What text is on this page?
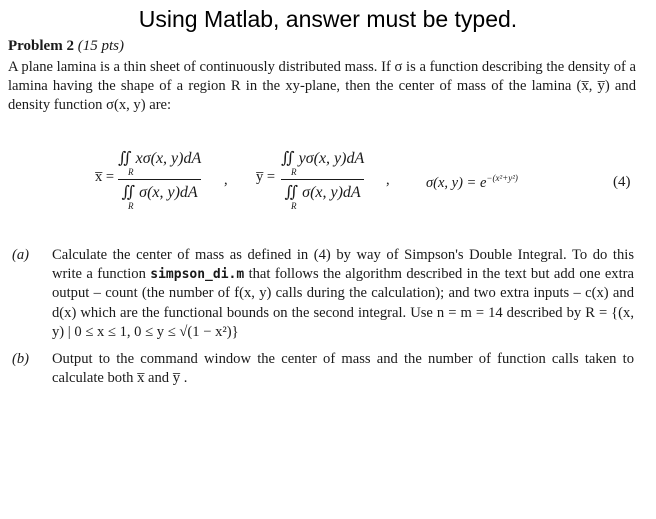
Using Matlab, answer must be typed.
Problem 2 (15 pts)
A plane lamina is a thin sheet of continuously distributed mass. If σ is a function describing the density of a lamina having the shape of a region R in the xy-plane, then the center of mass of the lamina (x̅, y̅) and density function σ(x, y) are:
x̅ =
∬ xσ(x, y)dA
R
∬ σ(x, y)dA
R
, y̅ =
∬ yσ(x, y)dA
R
∬ σ(x, y)dA
R
,	σ(x, $y) = e^{-(x^2+y^2)}$	(4)
(a)	Calculate the center of mass as defined in (4) by way of Simpson's Double Integral. To do this write a function simpson_di.m that follows the algorithm described in the text but add one extra output – count (the number of f(x, y) calls during the calculation); and two extra inputs – c(x) and d(x) which are the functional bounds on the second integral. Use n = m = 14 described by R = {(x, y) | 0 ≤ x ≤ 1, 0 ≤ y ≤ √(1 − x²)}
(b)	Output to the command window the center of mass and the number of function calls taken to calculate both x̅ and y̅ .
